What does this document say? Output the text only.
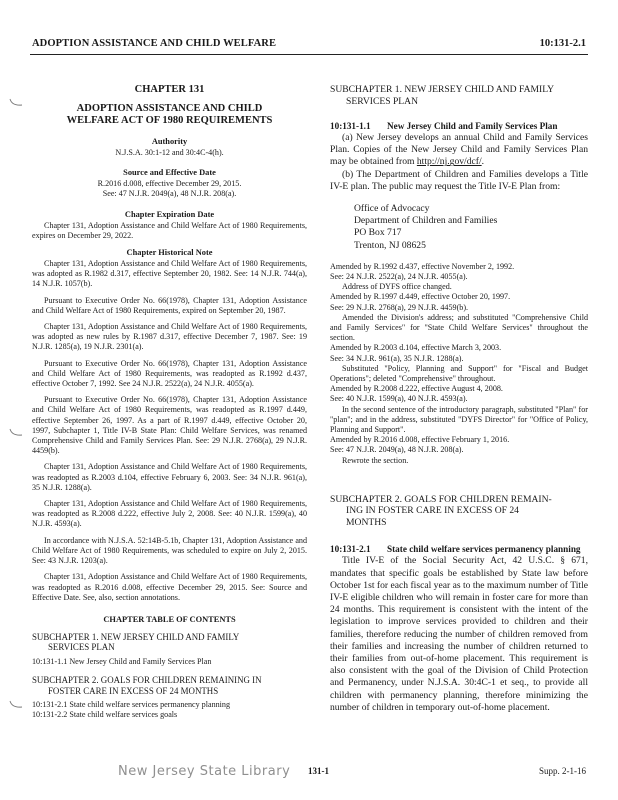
ADOPTION ASSISTANCE AND CHILD WELFARE	10:131-2.1
CHAPTER 131
ADOPTION ASSISTANCE AND CHILD WELFARE ACT OF 1980 REQUIREMENTS
Authority

N.J.S.A. 30:1-12 and 30:4C-4(h).

Source and Effective Date

R.2016 d.008, effective December 29, 2015.

See: 47 N.J.R. 2049(a), 48 N.J.R. 208(a).

Chapter Expiration Date

Chapter 131, Adoption Assistance and Child Welfare Act of 1980 Requirements, expires on December 29, 2022.

Chapter Historical Note

Chapter 131, Adoption Assistance and Child Welfare Act of 1980 Requirements, was adopted as R.1982 d.317, effective September 20, 1982. See: 14 N.J.R. 744(a), 14 N.J.R. 1057(b).

Pursuant to Executive Order No. 66(1978), Chapter 131, Adoption Assistance and Child Welfare Act of 1980 Requirements, expired on September 20, 1987.

Chapter 131, Adoption Assistance and Child Welfare Act of 1980 Requirements, was adopted as new rules by R.1987 d.317, effective December 7, 1987. See: 19 N.J.R. 1285(a), 19 N.J.R. 2301(a).

Pursuant to Executive Order No. 66(1978), Chapter 131, Adoption Assistance and Child Welfare Act of 1980 Requirements, was readopted as R.1992 d.437, effective October 7, 1992. See 24 N.J.R. 2522(a), 24 N.J.R. 4055(a).

Pursuant to Executive Order No. 66(1978), Chapter 131, Adoption Assistance and Child Welfare Act of 1980 Requirements, was readopted as R.1997 d.449, effective September 26, 1997. As a part of R.1997 d.449, effective October 20, 1997, Subchapter 1, Title IV-B State Plan: Child Welfare Services, was renamed Comprehensive Child and Family Services Plan. See: 29 N.J.R. 2768(a), 29 N.J.R. 4459(b).

Chapter 131, Adoption Assistance and Child Welfare Act of 1980 Requirements, was readopted as R.2003 d.104, effective February 6, 2003. See: 34 N.J.R. 961(a), 35 N.J.R. 1288(a).

Chapter 131, Adoption Assistance and Child Welfare Act of 1980 Requirements, was readopted as R.2008 d.222, effective July 2, 2008. See: 40 N.J.R. 1599(a), 40 N.J.R. 4593(a).

In accordance with N.J.S.A. 52:14B-5.1b, Chapter 131, Adoption Assistance and Child Welfare Act of 1980 Requirements, was scheduled to expire on July 2, 2015. See: 43 N.J.R. 1203(a).

Chapter 131, Adoption Assistance and Child Welfare Act of 1980 Requirements, was readopted as R.2016 d.008, effective December 29, 2015. See: Source and Effective Date. See, also, section annotations.

CHAPTER TABLE OF CONTENTS
SUBCHAPTER 1. NEW JERSEY CHILD AND FAMILY
SERVICES PLAN
10:131-1.1 New Jersey Child and Family Services Plan
SUBCHAPTER 2. GOALS FOR CHILDREN REMAINING IN
FOSTER CARE IN EXCESS OF 24 MONTHS
10:131-2.1 State child welfare services permanency planning
10:131-2.2 State child welfare services goals
SUBCHAPTER 1. NEW JERSEY CHILD AND FAMILY
SERVICES PLAN
10:131-1.1	New Jersey Child and Family Services Plan

(a) New Jersey develops an annual Child and Family Services Plan. Copies of the New Jersey Child and Family Services Plan may be obtained from http://nj.gov/dcf/.

(b) The Department of Children and Families develops a Title IV-E plan. The public may request the Title IV-E Plan from:

Office of Advocacy
Department of Children and Families
PO Box 717
Trenton, NJ 08625

Amended by R.1992 d.437, effective November 2, 1992.

See: 24 N.J.R. 2522(a), 24 N.J.R. 4055(a).

Address of DYFS office changed.

Amended by R.1997 d.449, effective October 20, 1997.

See: 29 N.J.R. 2768(a), 29 N.J.R. 4459(b).

Amended the Division's address; and substituted "Comprehensive Child and Family Services" for "State Child Welfare Services" throughout the section.

Amended by R.2003 d.104, effective March 3, 2003.

See: 34 N.J.R. 961(a), 35 N.J.R. 1288(a).

Substituted "Policy, Planning and Support" for "Fiscal and Budget Operations"; deleted "Comprehensive" throughout.

Amended by R.2008 d.222, effective August 4, 2008.

See: 40 N.J.R. 1599(a), 40 N.J.R. 4593(a).

In the second sentence of the introductory paragraph, substituted "Plan" for "plan"; and in the address, substituted "DYFS Director" for "Office of Policy, Planning and Support".

Amended by R.2016 d.008, effective February 1, 2016.

See: 47 N.J.R. 2049(a), 48 N.J.R. 208(a).

Rewrote the section.

SUBCHAPTER 2. GOALS FOR CHILDREN REMAIN-
ING IN FOSTER CARE IN EXCESS OF 24
MONTHS
10:131-2.1	State child welfare services permanency planning

Title IV-E of the Social Security Act, 42 U.S.C. § 671, mandates that specific goals be established by State law before October 1st for each fiscal year as to the maximum number of Title IV-E eligible children who will remain in foster care for more than 24 months. This requirement is consistent with the intent of the legislation to improve services provided to children and their families, therefore reducing the number of children removed from their families and increasing the number of children returned to their families from out-of-home placement. This requirement is also consistent with the goal of the Division of Child Protection and Permanency, under N.J.S.A. 30:4C-1 et seq., to provide all children with permanency planning, therefore minimizing the number of children in temporary out-of-home placement.

New Jersey State Library 131-1	Supp. 2-1-16
